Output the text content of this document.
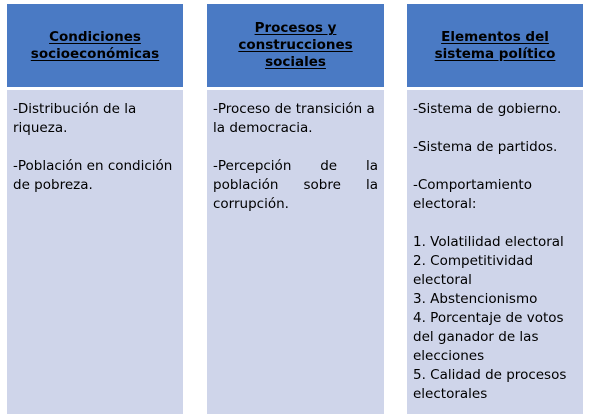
Condiciones socioeconómicas

-Distribución de la riqueza.

-Población en condición de pobreza.

Procesos y construcciones sociales

-Proceso de transición a la democracia.

-Percepción de la población sobre la corrupción.

Elementos del sistema político

-Sistema de gobierno.

-Sistema de partidos.

-Comportamiento electoral:

1. Volatilidad electoral

2. Competitividad electoral

3. Abstencionismo

4. Porcentaje de votos del ganador de las elecciones

5. Calidad de procesos electorales
